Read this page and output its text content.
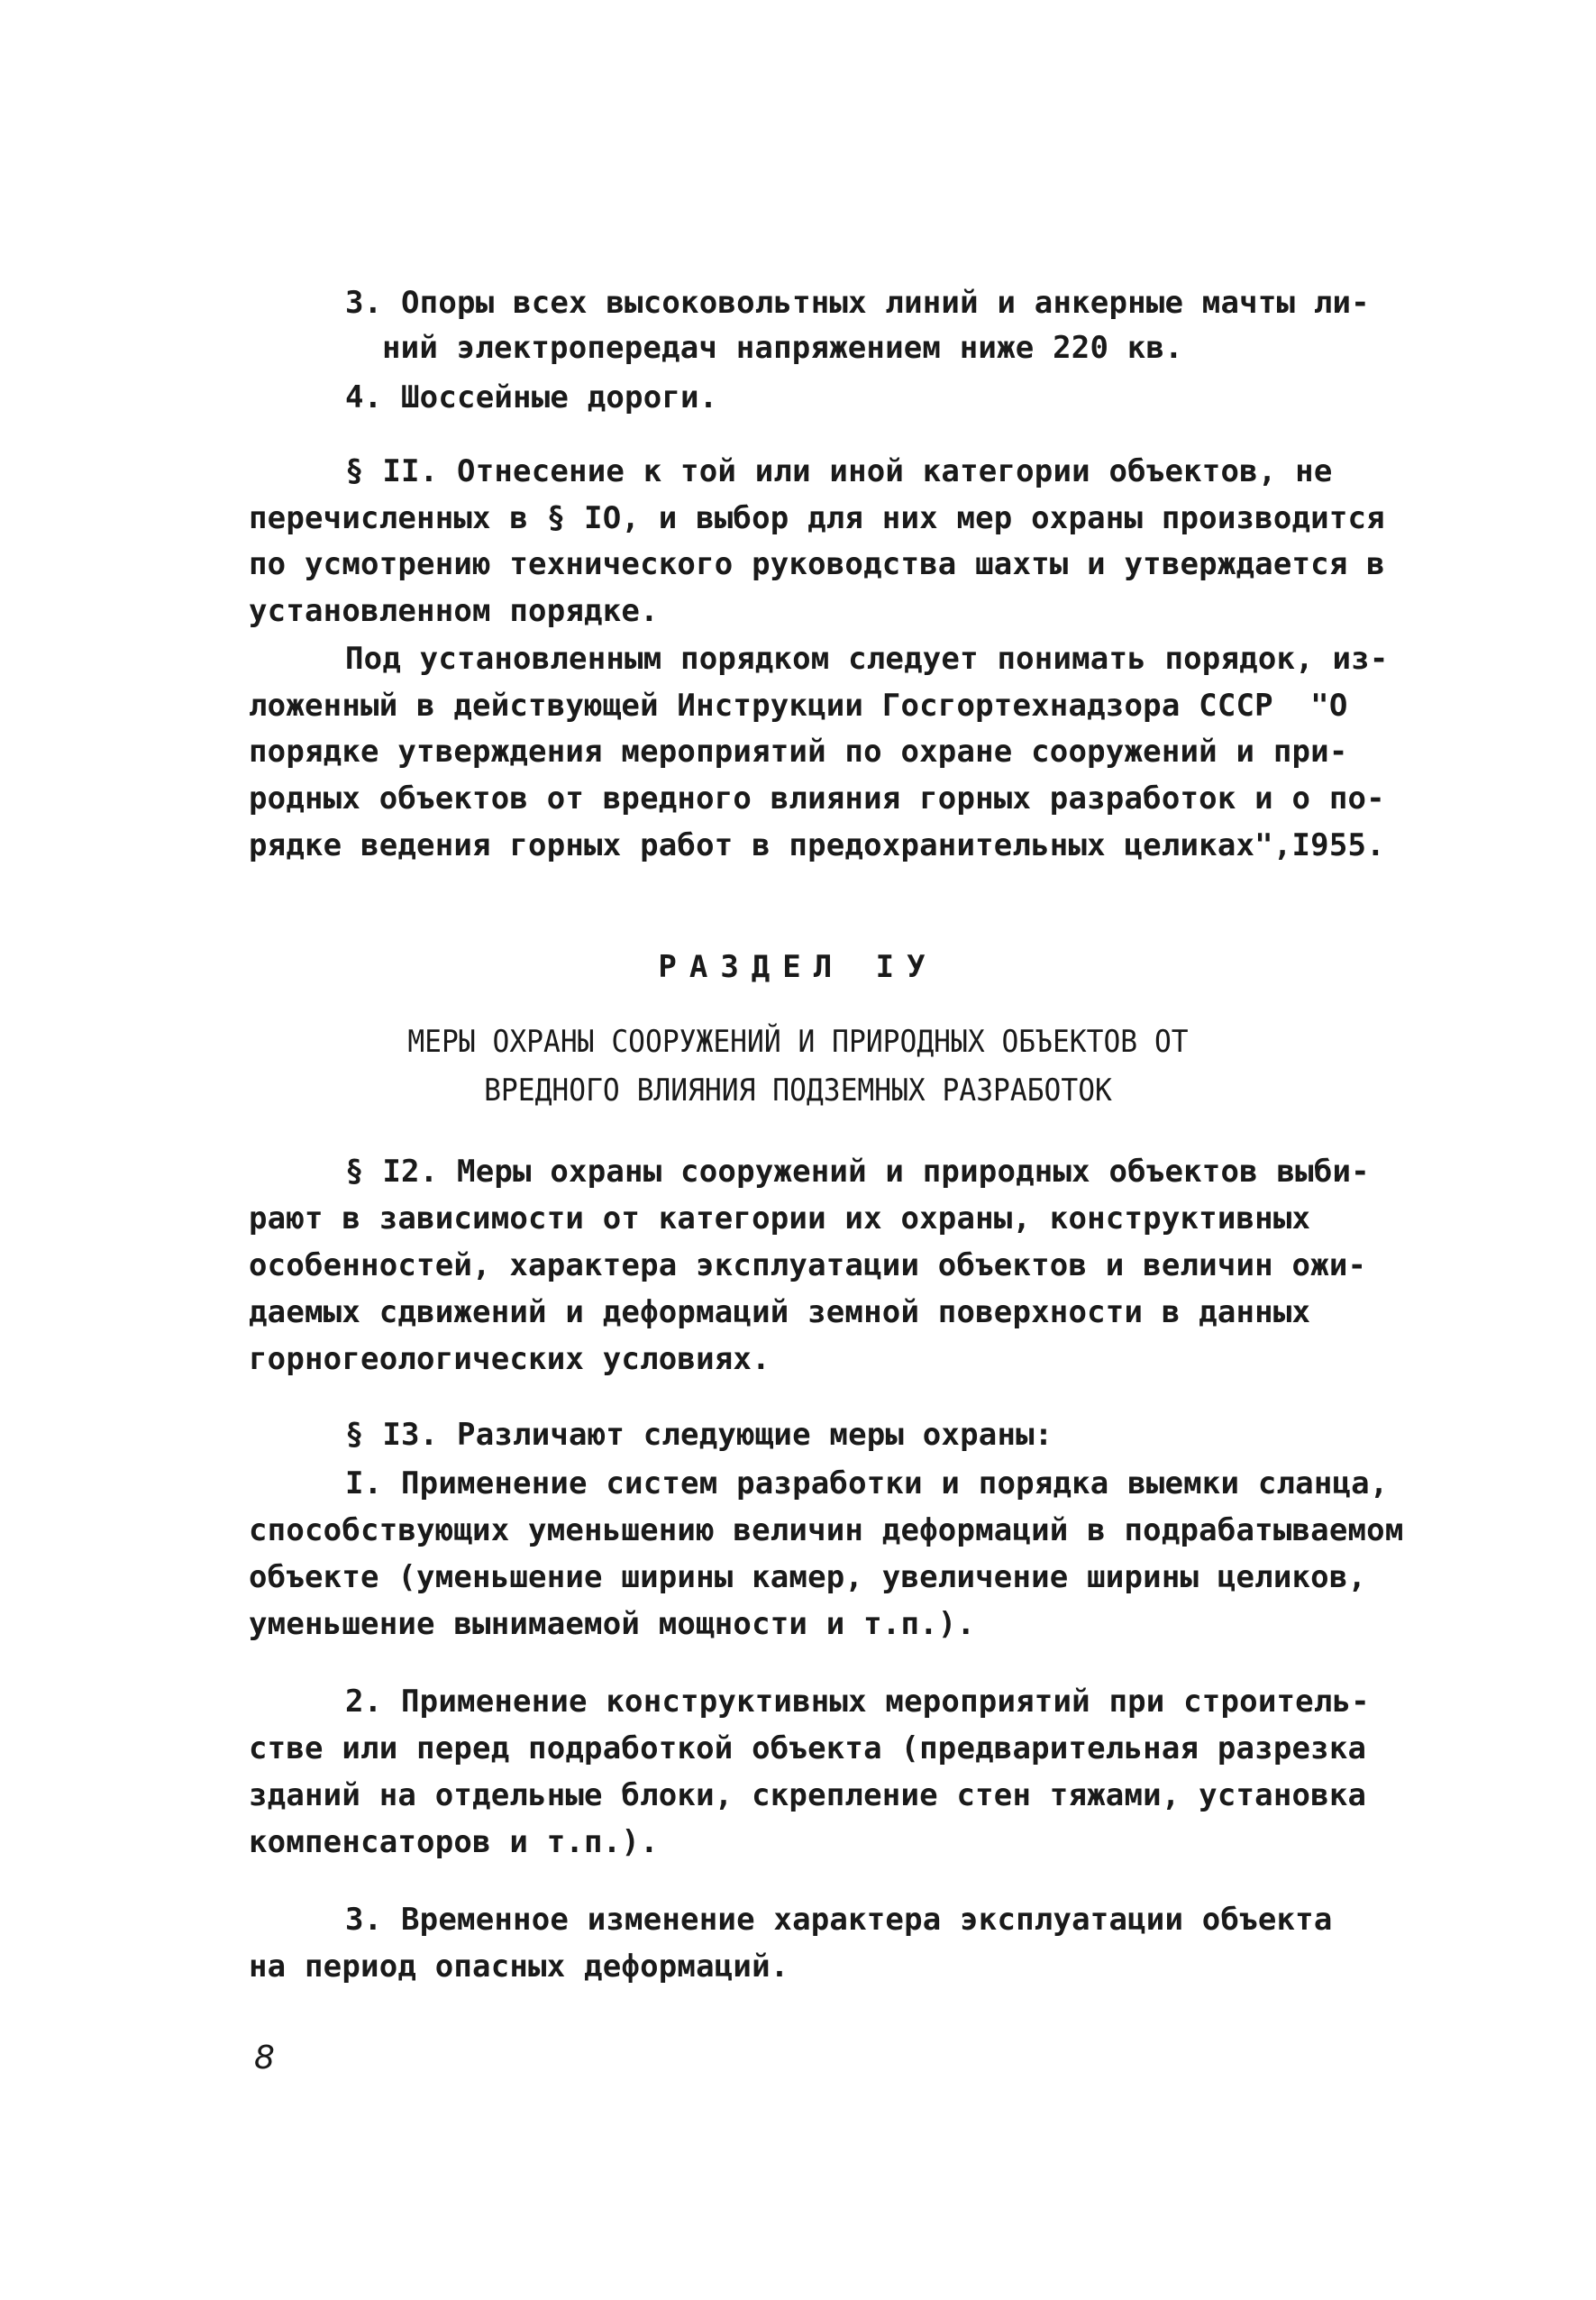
3. Опоры всех высоковольтных линий и анкерные мачты ли-
ний электропередач напряжением ниже 220 кв.
4. Шоссейные дороги.
§ II. Отнесение к той или иной категории объектов, не
перечисленных в § IO, и выбор для них мер охраны производится
по усмотрению технического руководства шахты и утверждается в
установленном порядке.
Под установленным порядком следует понимать порядок, из-
ложенный в действующей Инструкции Госгортехнадзора СССР  "О
порядке утверждения мероприятий по охране сооружений и при-
родных объектов от вредного влияния горных разработок и о по-
рядке ведения горных работ в предохранительных целиках",I955.
РАЗДЕЛ IУ
МЕРЫ ОХРАНЫ СООРУЖЕНИЙ И ПРИРОДНЫХ ОБЪЕКТОВ ОТ
ВРЕДНОГО ВЛИЯНИЯ ПОДЗЕМНЫХ РАЗРАБОТОК
§ I2. Меры охраны сооружений и природных объектов выби-
рают в зависимости от категории их охраны, конструктивных
особенностей, характера эксплуатации объектов и величин ожи-
даемых сдвижений и деформаций земной поверхности в данных
горногеологических условиях.
§ I3. Различают следующие меры охраны:
I. Применение систем разработки и порядка выемки сланца,
способствующих уменьшению величин деформаций в подрабатываемом
объекте (уменьшение ширины камер, увеличение ширины целиков,
уменьшение вынимаемой мощности и т.п.).
2. Применение конструктивных мероприятий при строитель-
стве или перед подработкой объекта (предварительная разрезка
зданий на отдельные блоки, скрепление стен тяжами, установка
компенсаторов и т.п.).
3. Временное изменение характера эксплуатации объекта
на период опасных деформаций.
8
